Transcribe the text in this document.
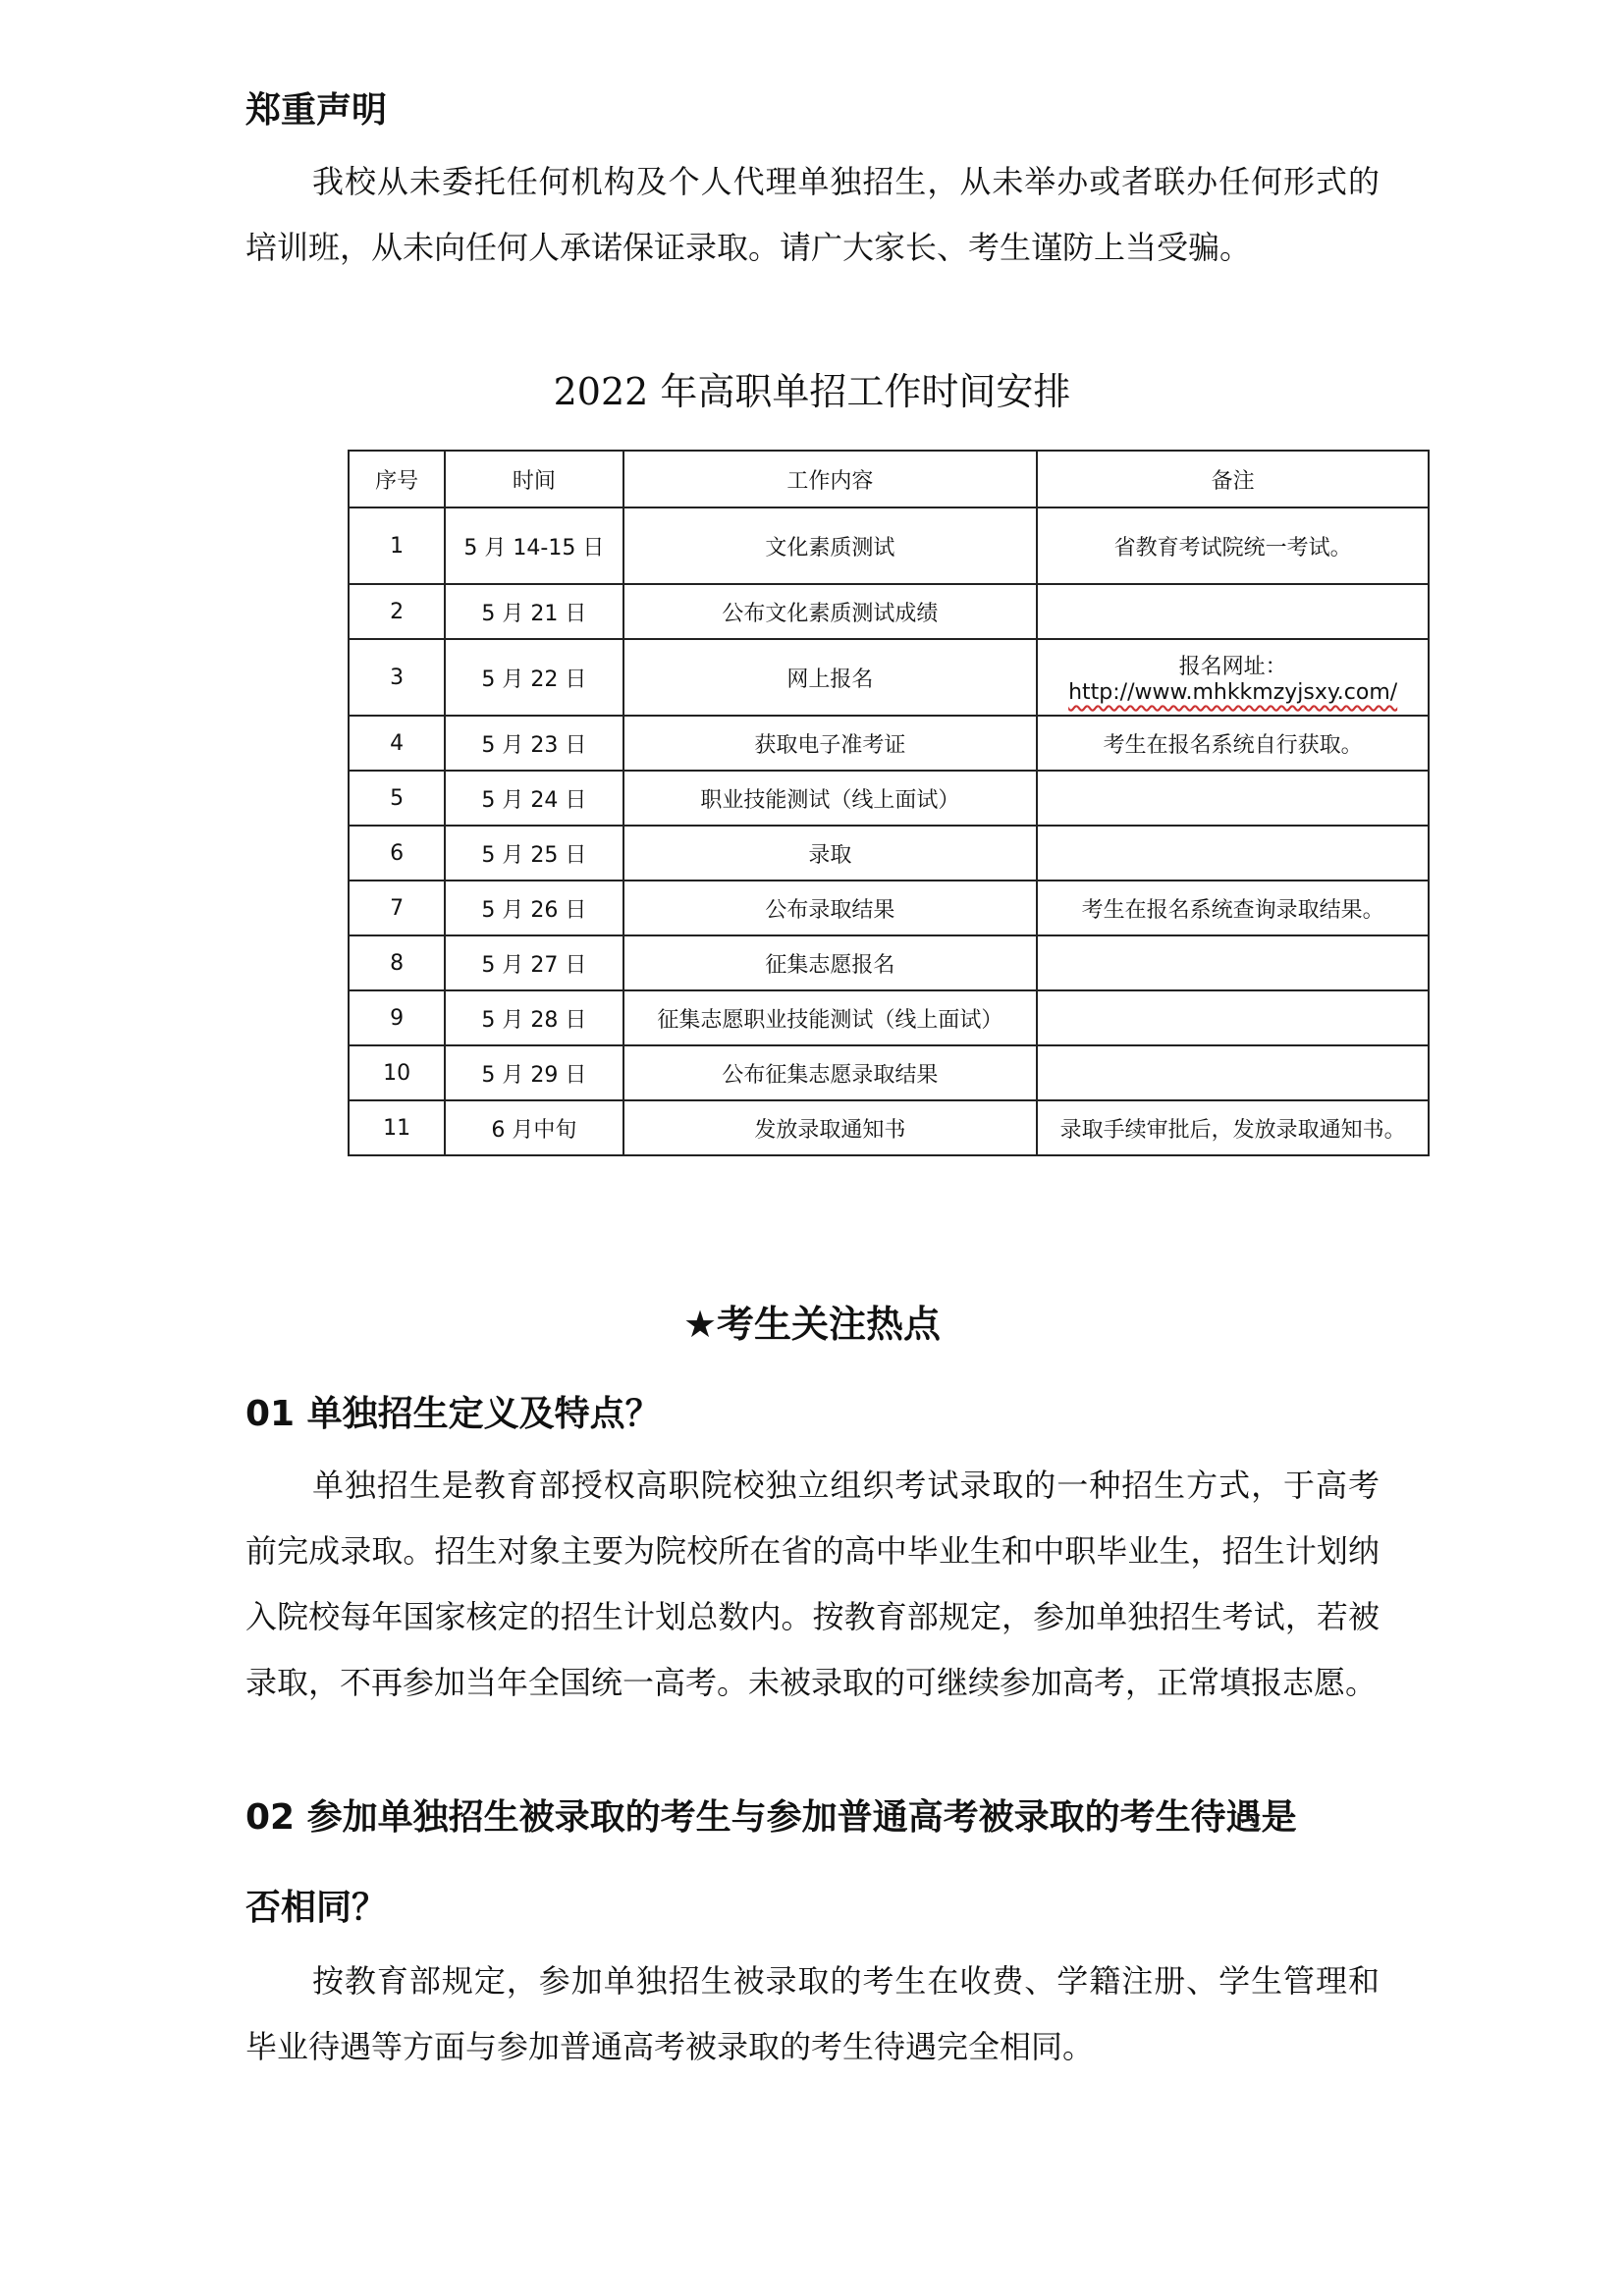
郑重声明
我校从未委托任何机构及个人代理单独招生，从未举办或者联办任何形式的培训班，从未向任何人承诺保证录取。请广大家长、考生谨防上当受骗。
2022 年高职单招工作时间安排
序号	时间	工作内容	备注
1	5 月 14-15 日	文化素质测试	省教育考试院统一考试。
2	5 月 21 日	公布文化素质测试成绩	
3	5 月 22 日	网上报名	报名网址：
http://www.mhkkmzyjsxy.com/

4	5 月 23 日	获取电子准考证	考生在报名系统自行获取。
5	5 月 24 日	职业技能测试（线上面试）	
6	5 月 25 日	录取	
7	5 月 26 日	公布录取结果	考生在报名系统查询录取结果。
8	5 月 27 日	征集志愿报名	
9	5 月 28 日	征集志愿职业技能测试（线上面试）	
10	5 月 29 日	公布征集志愿录取结果	
11	6 月中旬	发放录取通知书	录取手续审批后，发放录取通知书。
★考生关注热点
01 单独招生定义及特点？
单独招生是教育部授权高职院校独立组织考试录取的一种招生方式，于高考前完成录取。招生对象主要为院校所在省的高中毕业生和中职毕业生，招生计划纳入院校每年国家核定的招生计划总数内。按教育部规定，参加单独招生考试，若被录取，不再参加当年全国统一高考。未被录取的可继续参加高考，正常填报志愿。
02 参加单独招生被录取的考生与参加普通高考被录取的考生待遇是
否相同？
按教育部规定，参加单独招生被录取的考生在收费、学籍注册、学生管理和毕业待遇等方面与参加普通高考被录取的考生待遇完全相同。
